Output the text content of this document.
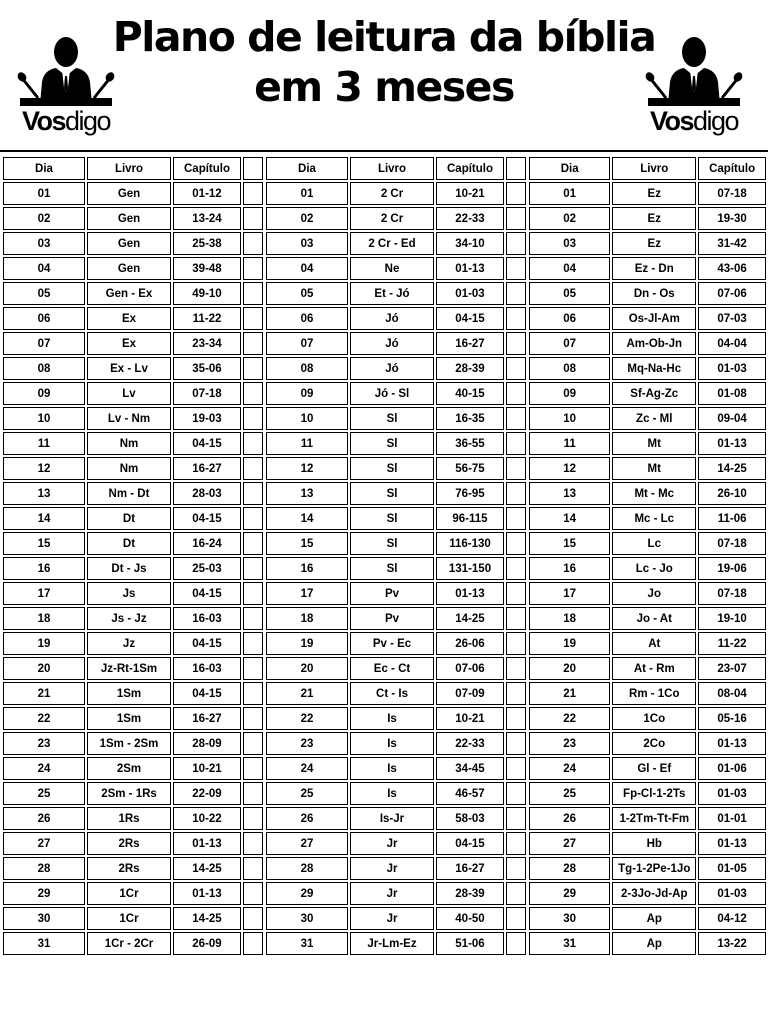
Vosdigo
Plano de leitura da bíblia
em 3 meses
Vosdigo
Dia	Livro	Capítulo	
01	Gen	01-12	
02	Gen	13-24	
03	Gen	25-38	
04	Gen	39-48	
05	Gen - Ex	49-10	
06	Ex	11-22	
07	Ex	23-34	
08	Ex - Lv	35-06	
09	Lv	07-18	
10	Lv - Nm	19-03	
11	Nm	04-15	
12	Nm	16-27	
13	Nm - Dt	28-03	
14	Dt	04-15	
15	Dt	16-24	
16	Dt - Js	25-03	
17	Js	04-15	
18	Js - Jz	16-03	
19	Jz	04-15	
20	Jz-Rt-1Sm	16-03	
21	1Sm	04-15	
22	1Sm	16-27	
23	1Sm - 2Sm	28-09	
24	2Sm	10-21	
25	2Sm - 1Rs	22-09	
26	1Rs	10-22	
27	2Rs	01-13	
28	2Rs	14-25	
29	1Cr	01-13	
30	1Cr	14-25	
31	1Cr - 2Cr	26-09	
Dia	Livro	Capítulo	
01	2 Cr	10-21	
02	2 Cr	22-33	
03	2 Cr - Ed	34-10	
04	Ne	01-13	
05	Et - Jó	01-03	
06	Jó	04-15	
07	Jó	16-27	
08	Jó	28-39	
09	Jó - Sl	40-15	
10	Sl	16-35	
11	Sl	36-55	
12	Sl	56-75	
13	Sl	76-95	
14	Sl	96-115	
15	Sl	116-130	
16	Sl	131-150	
17	Pv	01-13	
18	Pv	14-25	
19	Pv - Ec	26-06	
20	Ec - Ct	07-06	
21	Ct - Is	07-09	
22	Is	10-21	
23	Is	22-33	
24	Is	34-45	
25	Is	46-57	
26	Is-Jr	58-03	
27	Jr	04-15	
28	Jr	16-27	
29	Jr	28-39	
30	Jr	40-50	
31	Jr-Lm-Ez	51-06	
Dia	Livro	Capítulo
01	Ez	07-18
02	Ez	19-30
03	Ez	31-42
04	Ez - Dn	43-06
05	Dn - Os	07-06
06	Os-Jl-Am	07-03
07	Am-Ob-Jn	04-04
08	Mq-Na-Hc	01-03
09	Sf-Ag-Zc	01-08
10	Zc - Ml	09-04
11	Mt	01-13
12	Mt	14-25
13	Mt - Mc	26-10
14	Mc - Lc	11-06
15	Lc	07-18
16	Lc - Jo	19-06
17	Jo	07-18
18	Jo - At	19-10
19	At	11-22
20	At - Rm	23-07
21	Rm - 1Co	08-04
22	1Co	05-16
23	2Co	01-13
24	Gl - Ef	01-06
25	Fp-Cl-1-2Ts	01-03
26	1-2Tm-Tt-Fm	01-01
27	Hb	01-13
28	Tg-1-2Pe-1Jo	01-05
29	2-3Jo-Jd-Ap	01-03
30	Ap	04-12
31	Ap	13-22
